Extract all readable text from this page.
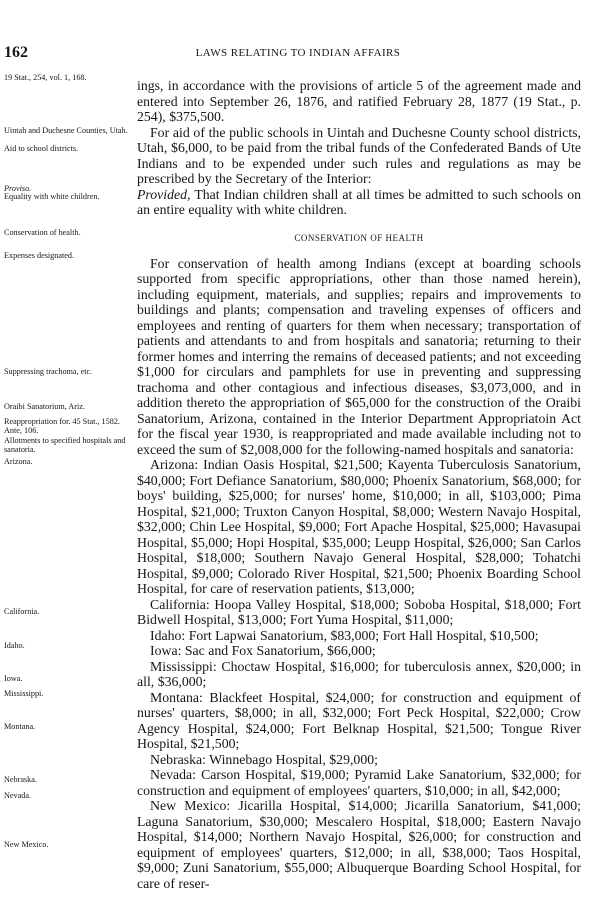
162	LAWS RELATING TO INDIAN AFFAIRS
19 Stat., 254, vol. 1, 168.
Uintah and Duchesne Counties, Utah.
Aid to school districts.
Proviso.
Equality with white children.
Conservation of health.
Expenses designated.
Suppressing trachoma, etc.
Oraibi Sanatorium, Ariz.
Reappropriation for. 45 Stat., 1582. Ante, 106.
Allotments to specified hospitals and sanatoria.
Arizona.
California.
Idaho.
Iowa.
Mississippi.
Montana.
Nebraska.
Nevada.
New Mexico.

ings, in accordance with the provisions of article 5 of the agreement made and entered into September 26, 1876, and ratified February 28, 1877 (19 Stat., p. 254), $375,500.

For aid of the public schools in Uintah and Duchesne County school districts, Utah, $6,000, to be paid from the tribal funds of the Confederated Bands of Ute Indians and to be expended under such rules and regulations as may be prescribed by the Secretary of the Interior:

Provided, That Indian children shall at all times be admitted to such schools on an entire equality with white children.

CONSERVATION OF HEALTH

For conservation of health among Indians (except at boarding schools supported from specific appropriations, other than those named herein), including equipment, materials, and supplies; repairs and improvements to buildings and plants; compensation and traveling expenses of officers and employees and renting of quarters for them when necessary; transportation of patients and attendants to and from hospitals and sanatoria; returning to their former homes and interring the remains of deceased patients; and not exceeding $1,000 for circulars and pamphlets for use in preventing and suppressing trachoma and other contagious and infectious diseases, $3,073,000, and in addition thereto the appropriation of $65,000 for the construction of the Oraibi Sanatorium, Arizona, contained in the Interior Department Appropriatoin Act for the fiscal year 1930, is reappropriated and made available including not to exceed the sum of $2,008,000 for the following-named hospitals and sanatoria:

Arizona: Indian Oasis Hospital, $21,500; Kayenta Tuberculosis Sanatorium, $40,000; Fort Defiance Sanatorium, $80,000; Phoenix Sanatorium, $68,000; for boys' building, $25,000; for nurses' home, $10,000; in all, $103,000; Pima Hospital, $21,000; Truxton Canyon Hospital, $8,000; Western Navajo Hospital, $32,000; Chin Lee Hospital, $9,000; Fort Apache Hospital, $25,000; Havasupai Hospital, $5,000; Hopi Hospital, $35,000; Leupp Hospital, $26,000; San Carlos Hospital, $18,000; Southern Navajo General Hospital, $28,000; Tohatchi Hospital, $9,000; Colorado River Hospital, $21,500; Phoenix Boarding School Hospital, for care of reservation patients, $13,000;

California: Hoopa Valley Hospital, $18,000; Soboba Hospital, $18,000; Fort Bidwell Hospital, $13,000; Fort Yuma Hospital, $11,000;

Idaho: Fort Lapwai Sanatorium, $83,000; Fort Hall Hospital, $10,500;

Iowa: Sac and Fox Sanatorium, $66,000;

Mississippi: Choctaw Hospital, $16,000; for tuberculosis annex, $20,000; in all, $36,000;

Montana: Blackfeet Hospital, $24,000; for construction and equipment of nurses' quarters, $8,000; in all, $32,000; Fort Peck Hospital, $22,000; Crow Agency Hospital, $24,000; Fort Belknap Hospital, $21,500; Tongue River Hospital, $21,500;

Nebraska: Winnebago Hospital, $29,000;

Nevada: Carson Hospital, $19,000; Pyramid Lake Sanatorium, $32,000; for construction and equipment of employees' quarters, $10,000; in all, $42,000;

New Mexico: Jicarilla Hospital, $14,000; Jicarilla Sanatorium, $41,000; Laguna Sanatorium, $30,000; Mescalero Hospital, $18,000; Eastern Navajo Hospital, $14,000; Northern Navajo Hospital, $26,000; for construction and equipment of employees' quarters, $12,000; in all, $38,000; Taos Hospital, $9,000; Zuni Sanatorium, $55,000; Albuquerque Boarding School Hospital, for care of reser-
